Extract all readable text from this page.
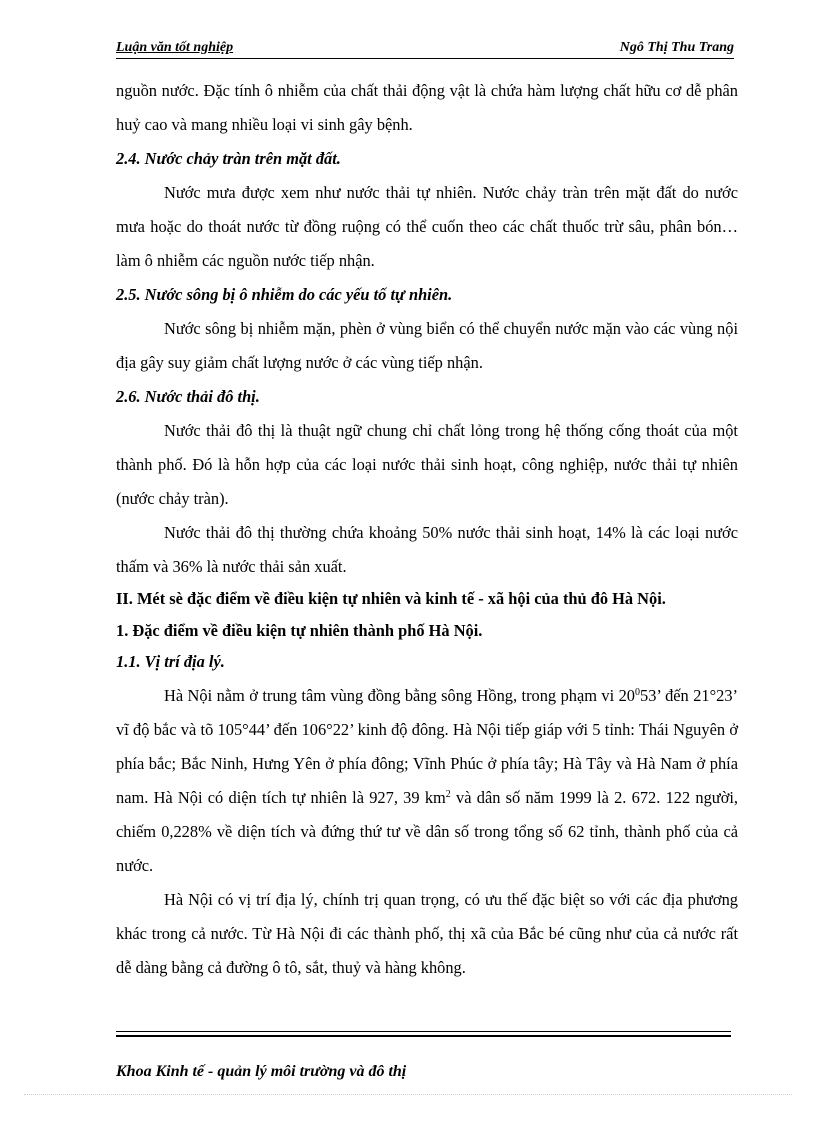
Luận văn tốt nghiệp	Ngô Thị Thu Trang

nguồn nước. Đặc tính ô nhiễm của chất thải động vật là chứa hàm lượng chất hữu cơ dễ phân huỷ cao và mang nhiều loại vi sinh gây bệnh.

2.4. Nước chảy tràn trên mặt đất.

Nước mưa được xem như nước thải tự nhiên. Nước chảy tràn trên mặt đất do nước mưa hoặc do thoát nước từ đồng ruộng có thể cuốn theo các chất thuốc trừ sâu, phân bón… làm ô nhiễm các nguồn nước tiếp nhận.

2.5. Nước sông bị ô nhiễm do các yếu tố tự nhiên.

Nước sông bị nhiễm mặn, phèn ở vùng biển có thể chuyển nước mặn vào các vùng nội địa gây suy giảm chất lượng nước ở các vùng tiếp nhận.

2.6. Nước thải đô thị.

Nước thải đô thị là thuật ngữ chung chỉ chất lỏng trong hệ thống cống thoát của một thành phố. Đó là hỗn hợp của các loại nước thải sinh hoạt, công nghiệp, nước thải tự nhiên (nước chảy tràn).

Nước thải đô thị thường chứa khoảng 50% nước thải sinh hoạt, 14% là các loại nước thấm và 36% là nước thải sản xuất.

II. Mét sè đặc điểm về điều kiện tự nhiên và kinh tế - xã hội của thủ đô Hà Nội.

1. Đặc điểm về điều kiện tự nhiên thành phố Hà Nội.

1.1. Vị trí địa lý.

Hà Nội nằm ở trung tâm vùng đồng bằng sông Hồng, trong phạm vi $20^053$’ đến 21°23’ vĩ độ bắc và tõ 105°44’ đến 106°22’ kinh độ đông. Hà Nội tiếp giáp với 5 tỉnh: Thái Nguyên ở phía bắc; Bắc Ninh, Hưng Yên ở phía đông; Vĩnh Phúc ở phía tây; Hà Tây và Hà Nam ở phía nam. Hà Nội có diện tích tự nhiên là 927, 39 $km^2$ và dân số năm 1999 là 2. 672. 122 người, chiếm 0,228% về diện tích và đứng thứ tư về dân số trong tổng số 62 tỉnh, thành phố của cả nước.

Hà Nội có vị trí địa lý, chính trị quan trọng, có ưu thế đặc biệt so với các địa phương khác trong cả nước. Từ Hà Nội đi các thành phố, thị xã của Bắc bé cũng như của cả nước rất dễ dàng bằng cả đường ô tô, sắt, thuỷ và hàng không.

Khoa Kinh tế - quản lý môi trường và đô thị
